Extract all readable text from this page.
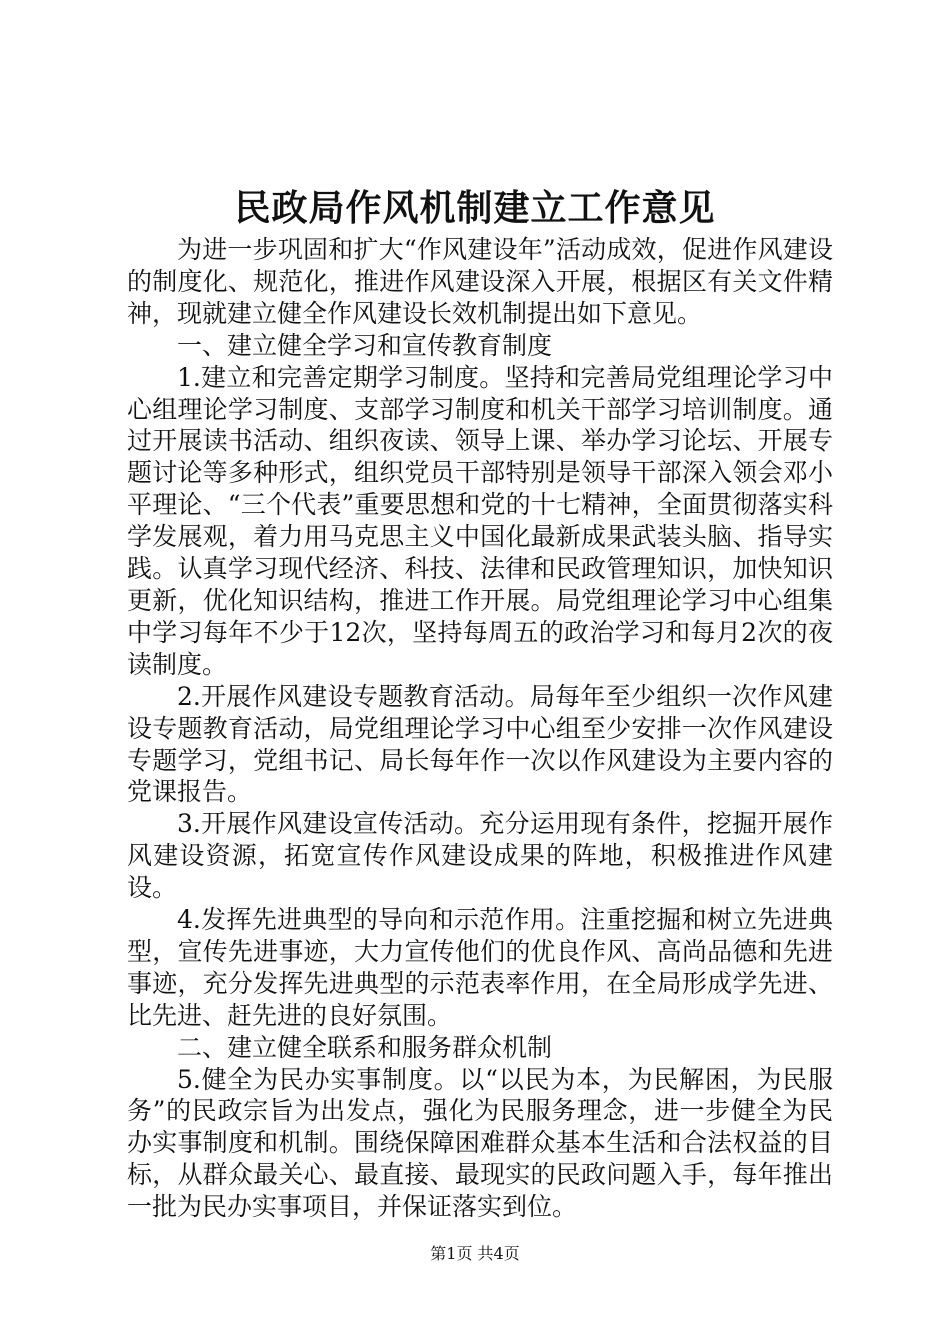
民政局作风机制建立工作意见

为进一步巩固和扩大“作风建设年”活动成效，促进作风建设的制度化、规范化，推进作风建设深入开展，根据区有关文件精神，现就建立健全作风建设长效机制提出如下意见。

一、建立健全学习和宣传教育制度

1.建立和完善定期学习制度。坚持和完善局党组理论学习中心组理论学习制度、支部学习制度和机关干部学习培训制度。通过开展读书活动、组织夜读、领导上课、举办学习论坛、开展专题讨论等多种形式，组织党员干部特别是领导干部深入领会邓小平理论、“三个代表”重要思想和党的十七精神，全面贯彻落实科学发展观，着力用马克思主义中国化最新成果武装头脑、指导实践。认真学习现代经济、科技、法律和民政管理知识，加快知识更新，优化知识结构，推进工作开展。局党组理论学习中心组集中学习每年不少于12次，坚持每周五的政治学习和每月2次的夜读制度。

2.开展作风建设专题教育活动。局每年至少组织一次作风建设专题教育活动，局党组理论学习中心组至少安排一次作风建设专题学习，党组书记、局长每年作一次以作风建设为主要内容的党课报告。

3.开展作风建设宣传活动。充分运用现有条件，挖掘开展作风建设资源，拓宽宣传作风建设成果的阵地，积极推进作风建设。

4.发挥先进典型的导向和示范作用。注重挖掘和树立先进典型，宣传先进事迹，大力宣传他们的优良作风、高尚品德和先进事迹，充分发挥先进典型的示范表率作用，在全局形成学先进、比先进、赶先进的良好氛围。

二、建立健全联系和服务群众机制

5.健全为民办实事制度。以“以民为本，为民解困，为民服务”的民政宗旨为出发点，强化为民服务理念，进一步健全为民办实事制度和机制。围绕保障困难群众基本生活和合法权益的目标，从群众最关心、最直接、最现实的民政问题入手，每年推出一批为民办实事项目，并保证落实到位。

第1页 共4页
